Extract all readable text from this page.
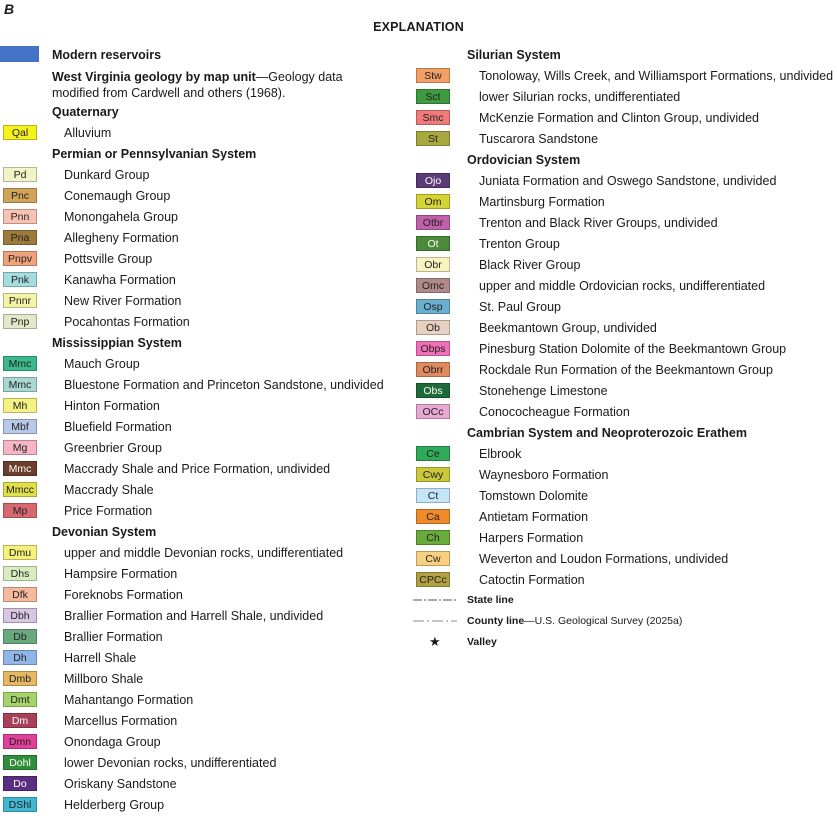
B
EXPLANATION
Modern reservoirs
West Virginia geology by map unit—Geology data modified from Cardwell and others (1968).
Quaternary
Qal	Alluvium
Permian or Pennsylvanian System
Pd	Dunkard Group
Pnc	Conemaugh Group
Pnn	Monongahela Group
Pna	Allegheny Formation
Pnpv	Pottsville Group
Pnk	Kanawha Formation
Pnnr	New River Formation
Pnp	Pocahontas Formation
Mississippian System
Mmc	Mauch Group
Mmc	Bluestone Formation and Princeton Sandstone, undivided
Mh	Hinton Formation
Mbf	Bluefield Formation
Mg	Greenbrier Group
Mmc	Maccrady Shale and Price Formation, undivided
Mmcc Maccrady Shale
Mp	Price Formation
Devonian System
Dmu	upper and middle Devonian rocks, undifferentiated
Dhs	Hampsire Formation
Dfk	Foreknobs Formation
Dbh	Brallier Formation and Harrell Shale, undivided
Db	Brallier Formation
Dh	Harrell Shale
Dmb	Millboro Shale
Dmt	Mahantango Formation
Dm	Marcellus Formation
Dmn	Onondaga Group
Dohl	lower Devonian rocks, undifferentiated
Do	Oriskany Sandstone
DShl	Helderberg Group
Silurian System
Stw	Tonoloway, Wills Creek, and Williamsport Formations, undivided
Sct	lower Silurian rocks, undifferentiated
Smc	McKenzie Formation and Clinton Group, undivided
St	Tuscarora Sandstone
Ordovician System
Ojo	Juniata Formation and Oswego Sandstone, undivided
Om	Martinsburg Formation
Otbr	Trenton and Black River Groups, undivided
Ot	Trenton Group
Obr	Black River Group
Omc	upper and middle Ordovician rocks, undifferentiated
Osp	St. Paul Group
Ob	Beekmantown Group, undivided
Obps	Pinesburg Station Dolomite of the Beekmantown Group
Obrr	Rockdale Run Formation of the Beekmantown Group
Obs	Stonehenge Limestone
OCc	Conococheague Formation
Cambrian System and Neoproterozoic Erathem
Ce	Elbrook
Cwy	Waynesboro Formation
Ct	Tomstown Dolomite
Ca	Antietam Formation
Ch	Harpers Formation
Cw	Weverton and Loudon Formations, undivided
CPCc	Catoctin Formation
State line
County line—U.S. Geological Survey (2025a)
★	Valley
